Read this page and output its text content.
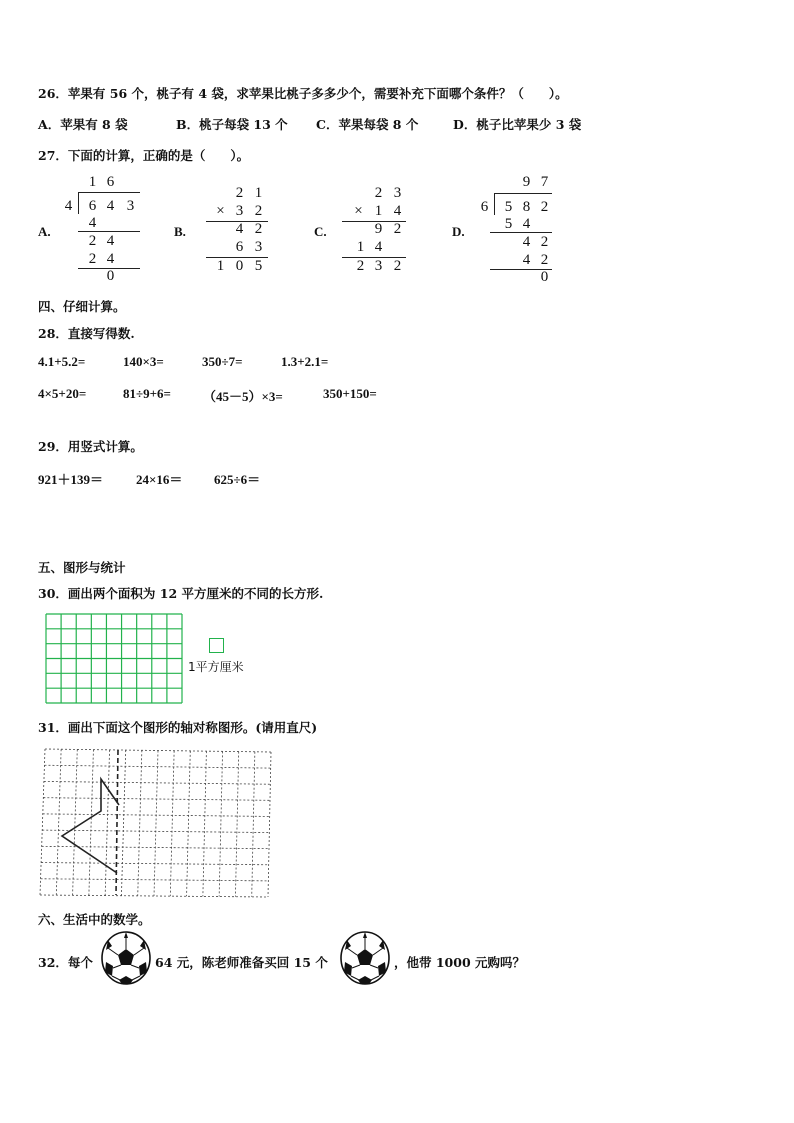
26．苹果有 56 个，桃子有 4 袋，求苹果比桃子多多少个，需要补充下面哪个条件？（　　）。
A．苹果有 8 袋	B．桃子每袋 13 个 C．苹果每袋 8 个	D．桃子比苹果少 3 袋
27．下面的计算，正确的是（　　）。
A.	B.	C.	D.
1 6
4 6 4 3
4
2 4
2 4
0
2 1
× 3 2
4 2
6 3
1 0 5
2 3
× 1 4
9 2
1 4
2 3 2
9 7
6 5 8 2
5 4
4 2
4 2
0
四、仔细计算。
28．直接写得数.
4.1+5.2=	140×3=	350÷7=	1.3+2.1=
4×5+20=	81÷9+6= （45－5）×3=	350+150=
29．用竖式计算。
921＋139＝	24×16＝ 625÷6＝
五、图形与统计
30．画出两个面积为 12 平方厘米的不同的长方形.
1平方厘米
31．画出下面这个图形的轴对称图形。(请用直尺)
六、生活中的数学。
32．每个	64 元，陈老师准备买回 15 个	，他带 1000 元购吗？
